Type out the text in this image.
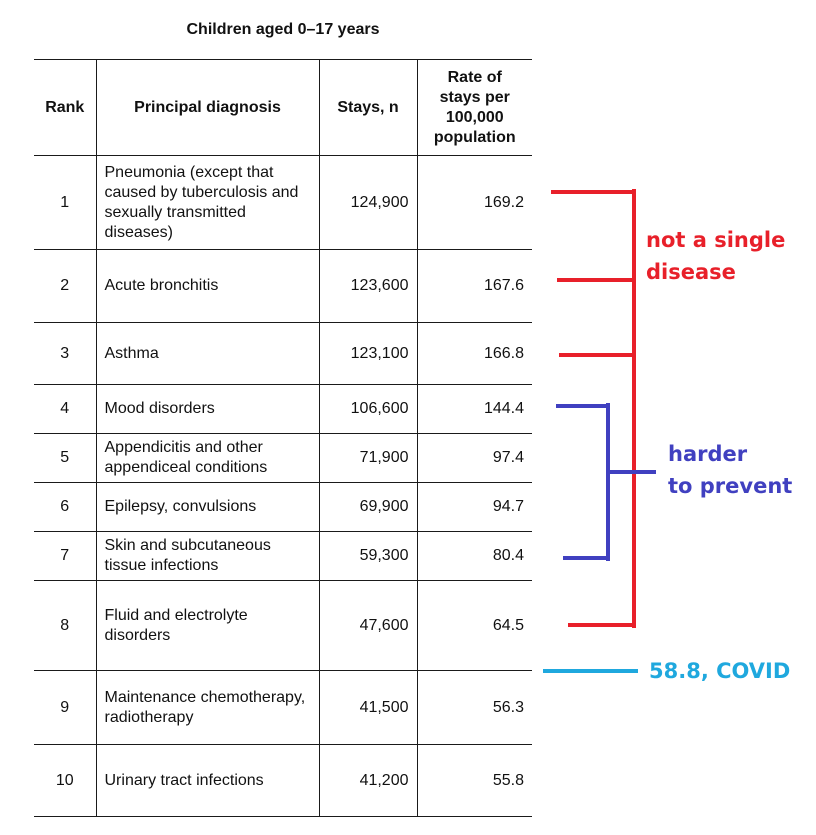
Children aged 0–17 years
Rank	Principal diagnosis	Stays, n	Rate of stays per 100,000 population
1	Pneumonia (except that caused by tuberculosis and sexually transmitted diseases)	124,900	169.2
2	Acute bronchitis	123,600	167.6
3	Asthma	123,100	166.8
4	Mood disorders	106,600	144.4
5	Appendicitis and other appendiceal conditions	71,900	97.4
6	Epilepsy, convulsions	69,900	94.7
7	Skin and subcutaneous tissue infections	59,300	80.4
8	Fluid and electrolyte disorders	47,600	64.5
9	Maintenance chemotherapy, radiotherapy	41,500	56.3
10	Urinary tract infections	41,200	55.8
not a single
disease
harder
to prevent
58.8, COVID
